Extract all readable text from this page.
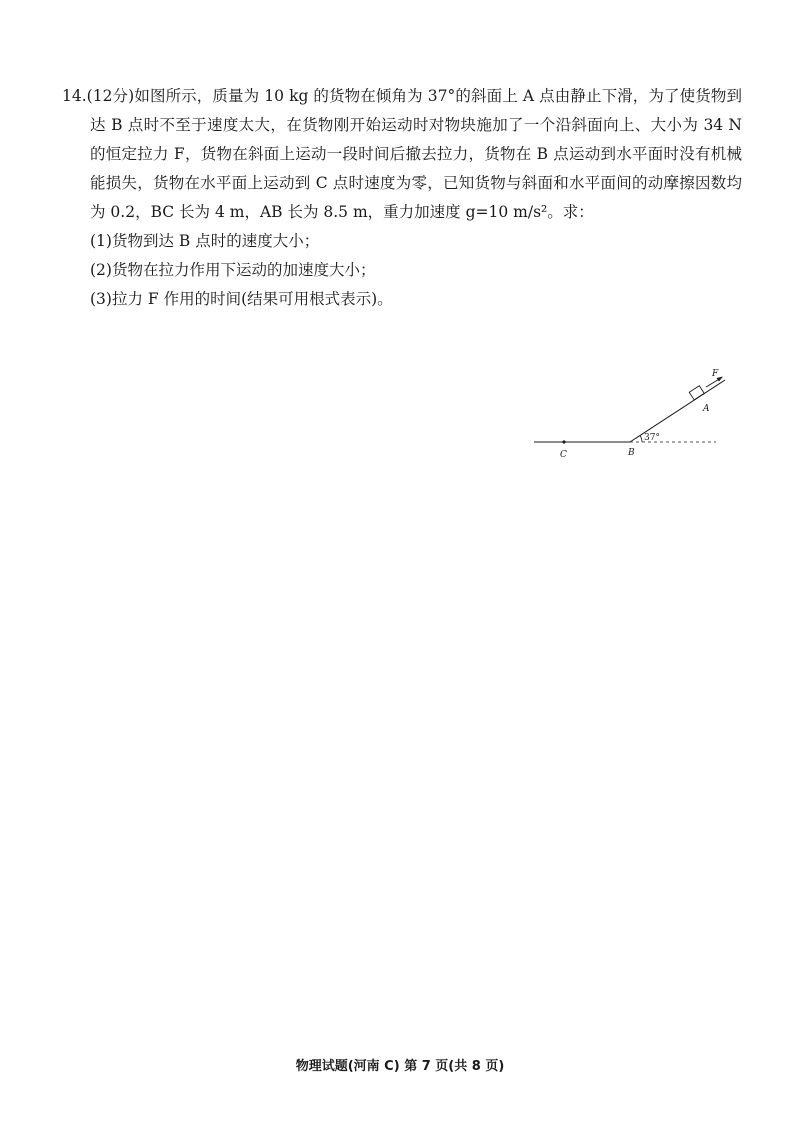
14.(12分)如图所示，质量为 10 kg 的货物在倾角为 37°的斜面上 A 点由静止下滑，为了使货物到达 B 点时不至于速度太大，在货物刚开始运动时对物块施加了一个沿斜面向上、大小为 34 N 的恒定拉力 F，货物在斜面上运动一段时间后撤去拉力，货物在 B 点运动到水平面时没有机械能损失，货物在水平面上运动到 C 点时速度为零，已知货物与斜面和水平面间的动摩擦因数均为 0.2，BC 长为 4 m，AB 长为 8.5 m，重力加速度 g=10 m/s²。求：

(1)货物到达 B 点时的速度大小；

(2)货物在拉力作用下运动的加速度大小；

(3)拉力 F 作用的时间(结果可用根式表示)。

C	B
A
F
37°
物理试题(河南 C) 第 7 页(共 8 页)
